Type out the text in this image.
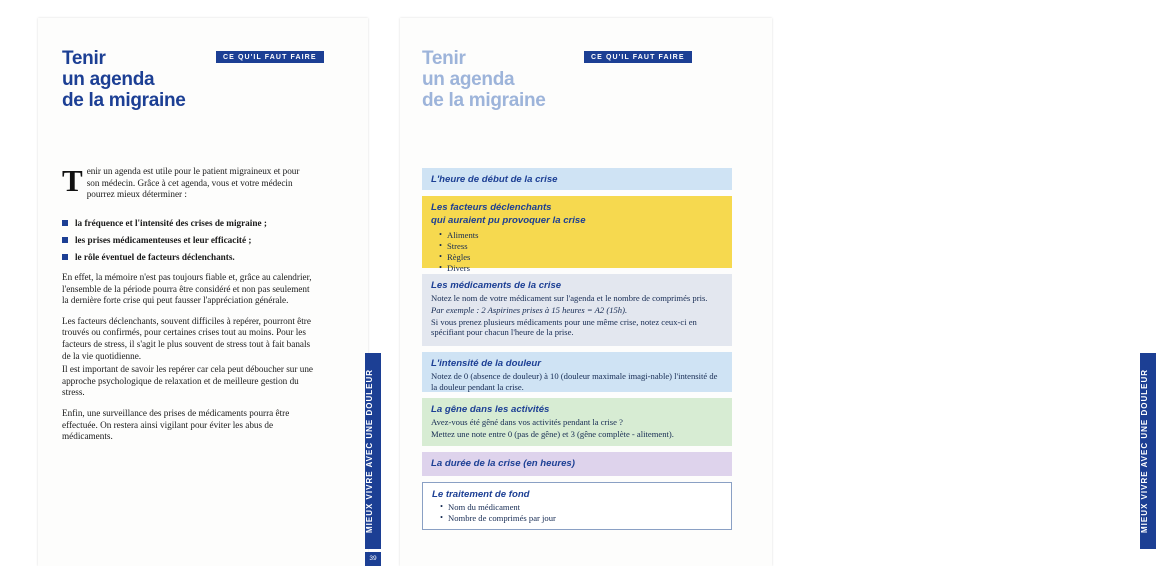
Tenir
un agenda
de la migraine
CE QU'IL FAUT FAIRE
T enir un agenda est utile pour le patient migraineux et pour son médecin. Grâce à cet agenda, vous et votre médecin pourrez mieux déterminer :
la fréquence et l'intensité des crises de migraine ;
les prises médicamenteuses et leur efficacité ;
le rôle éventuel de facteurs déclenchants.

En effet, la mémoire n'est pas toujours fiable et, grâce au calendrier, l'ensemble de la période pourra être considéré et non pas seulement la dernière forte crise qui peut fausser l'appréciation générale.

Les facteurs déclenchants, souvent difficiles à repérer, pourront être trouvés ou confirmés, pour certaines crises tout au moins. Pour les facteurs de stress, il s'agit le plus souvent de stress tout à fait banals de la vie quotidienne.

Il est important de savoir les repérer car cela peut déboucher sur une approche psychologique de relaxation et de meilleure gestion du stress.

Enfin, une surveillance des prises de médicaments pourra être effectuée. On restera ainsi vigilant pour éviter les abus de médicaments.	MIEUX VIVRE AVEC UNE DOULEUR
39
Tenir
un agenda
de la migraine
CE QU'IL FAUT FAIRE
L'heure de début de la crise
Les facteurs déclenchants
qui auraient pu provoquer la crise
• Aliments
• Stress
• Règles
• Divers
Les médicaments de la crise

Notez le nom de votre médicament sur l'agenda et le nombre de comprimés pris.

Par exemple : 2 Aspirines prises à 15 heures = A2 (15h).

Si vous prenez plusieurs médicaments pour une même crise, notez ceux-ci en spécifiant pour chacun l'heure de la prise.

L'intensité de la douleur

Notez de 0 (absence de douleur) à 10 (douleur maximale imagi-nable) l'intensité de la douleur pendant la crise.

La gêne dans les activités

Avez-vous été gêné dans vos activités pendant la crise ?

Mettez une note entre 0 (pas de gêne) et 3 (gêne complète - alitement).

La durée de la crise (en heures)
Le traitement de fond
• Nom du médicament
• Nombre de comprimés par jour	MIEUX VIVRE AVEC UNE DOULEUR
